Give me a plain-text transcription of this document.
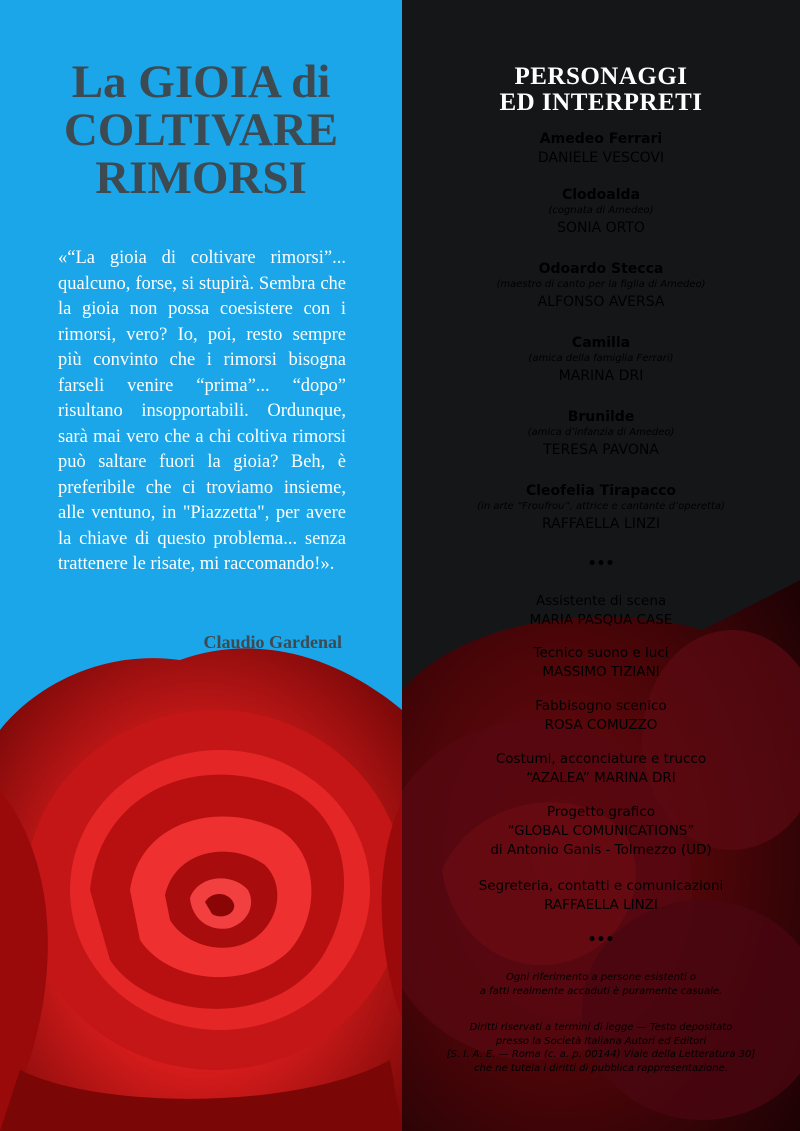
La GIOIA di
COLTIVARE
RIMORSI
«“La gioia di coltivare rimorsi”... qualcuno, forse, si stupirà. Sembra che la gioia non possa coesistere con i rimorsi, vero? Io, poi, resto sempre più convinto che i rimorsi bisogna farseli venire “prima”... “dopo” risultano insopportabili. Ordunque, sarà mai vero che a chi coltiva rimorsi può saltare fuori la gioia? Beh, è preferibile che ci troviamo insieme, alle ventuno, in "Piazzetta", per avere la chiave di questo problema... senza trattenere le risate, mi raccomando!».
Claudio Gardenal
PERSONAGGI
ED INTERPRETI
Amedeo Ferrari
DANIELE VESCOVI
Clodoalda
(cognata di Amedeo)
SONIA ORTO
Odoardo Stecca
(maestro di canto per la figlia di Amedeo)
ALFONSO AVERSA
Camilla
(amica della famiglia Ferrari)
MARINA DRI
Brunilde
(amica d’infanzia di Amedeo)
TERESA PAVONA
Cleofelia Tirapacco
(in arte “Froufrou”, attrice e cantante d’operetta)
RAFFAELLA LINZI
•••
Assistente di scena
MARIA PASQUA CASE
Tecnico suono e luci
MASSIMO TIZIANI
Fabbisogno scenico
ROSA COMUZZO
Costumi, acconciature e trucco
“AZALEA” MARINA DRI
Progetto grafico
“GLOBAL COMUNICATIONS”
di Antonio Ganis - Tolmezzo (UD)
Segreteria, contatti e comunicazioni
RAFFAELLA LINZI
•••
Ogni riferimento a persone esistenti o
a fatti realmente accaduti è puramente casuale.
Diritti riservati a termini di legge — Testo depositato
presso la Società Italiana Autori ed Editori
[S. I. A. E. — Roma (c. a. p. 00144) Viale della Letteratura 30]
che ne tutela i diritti di pubblica rappresentazione.
